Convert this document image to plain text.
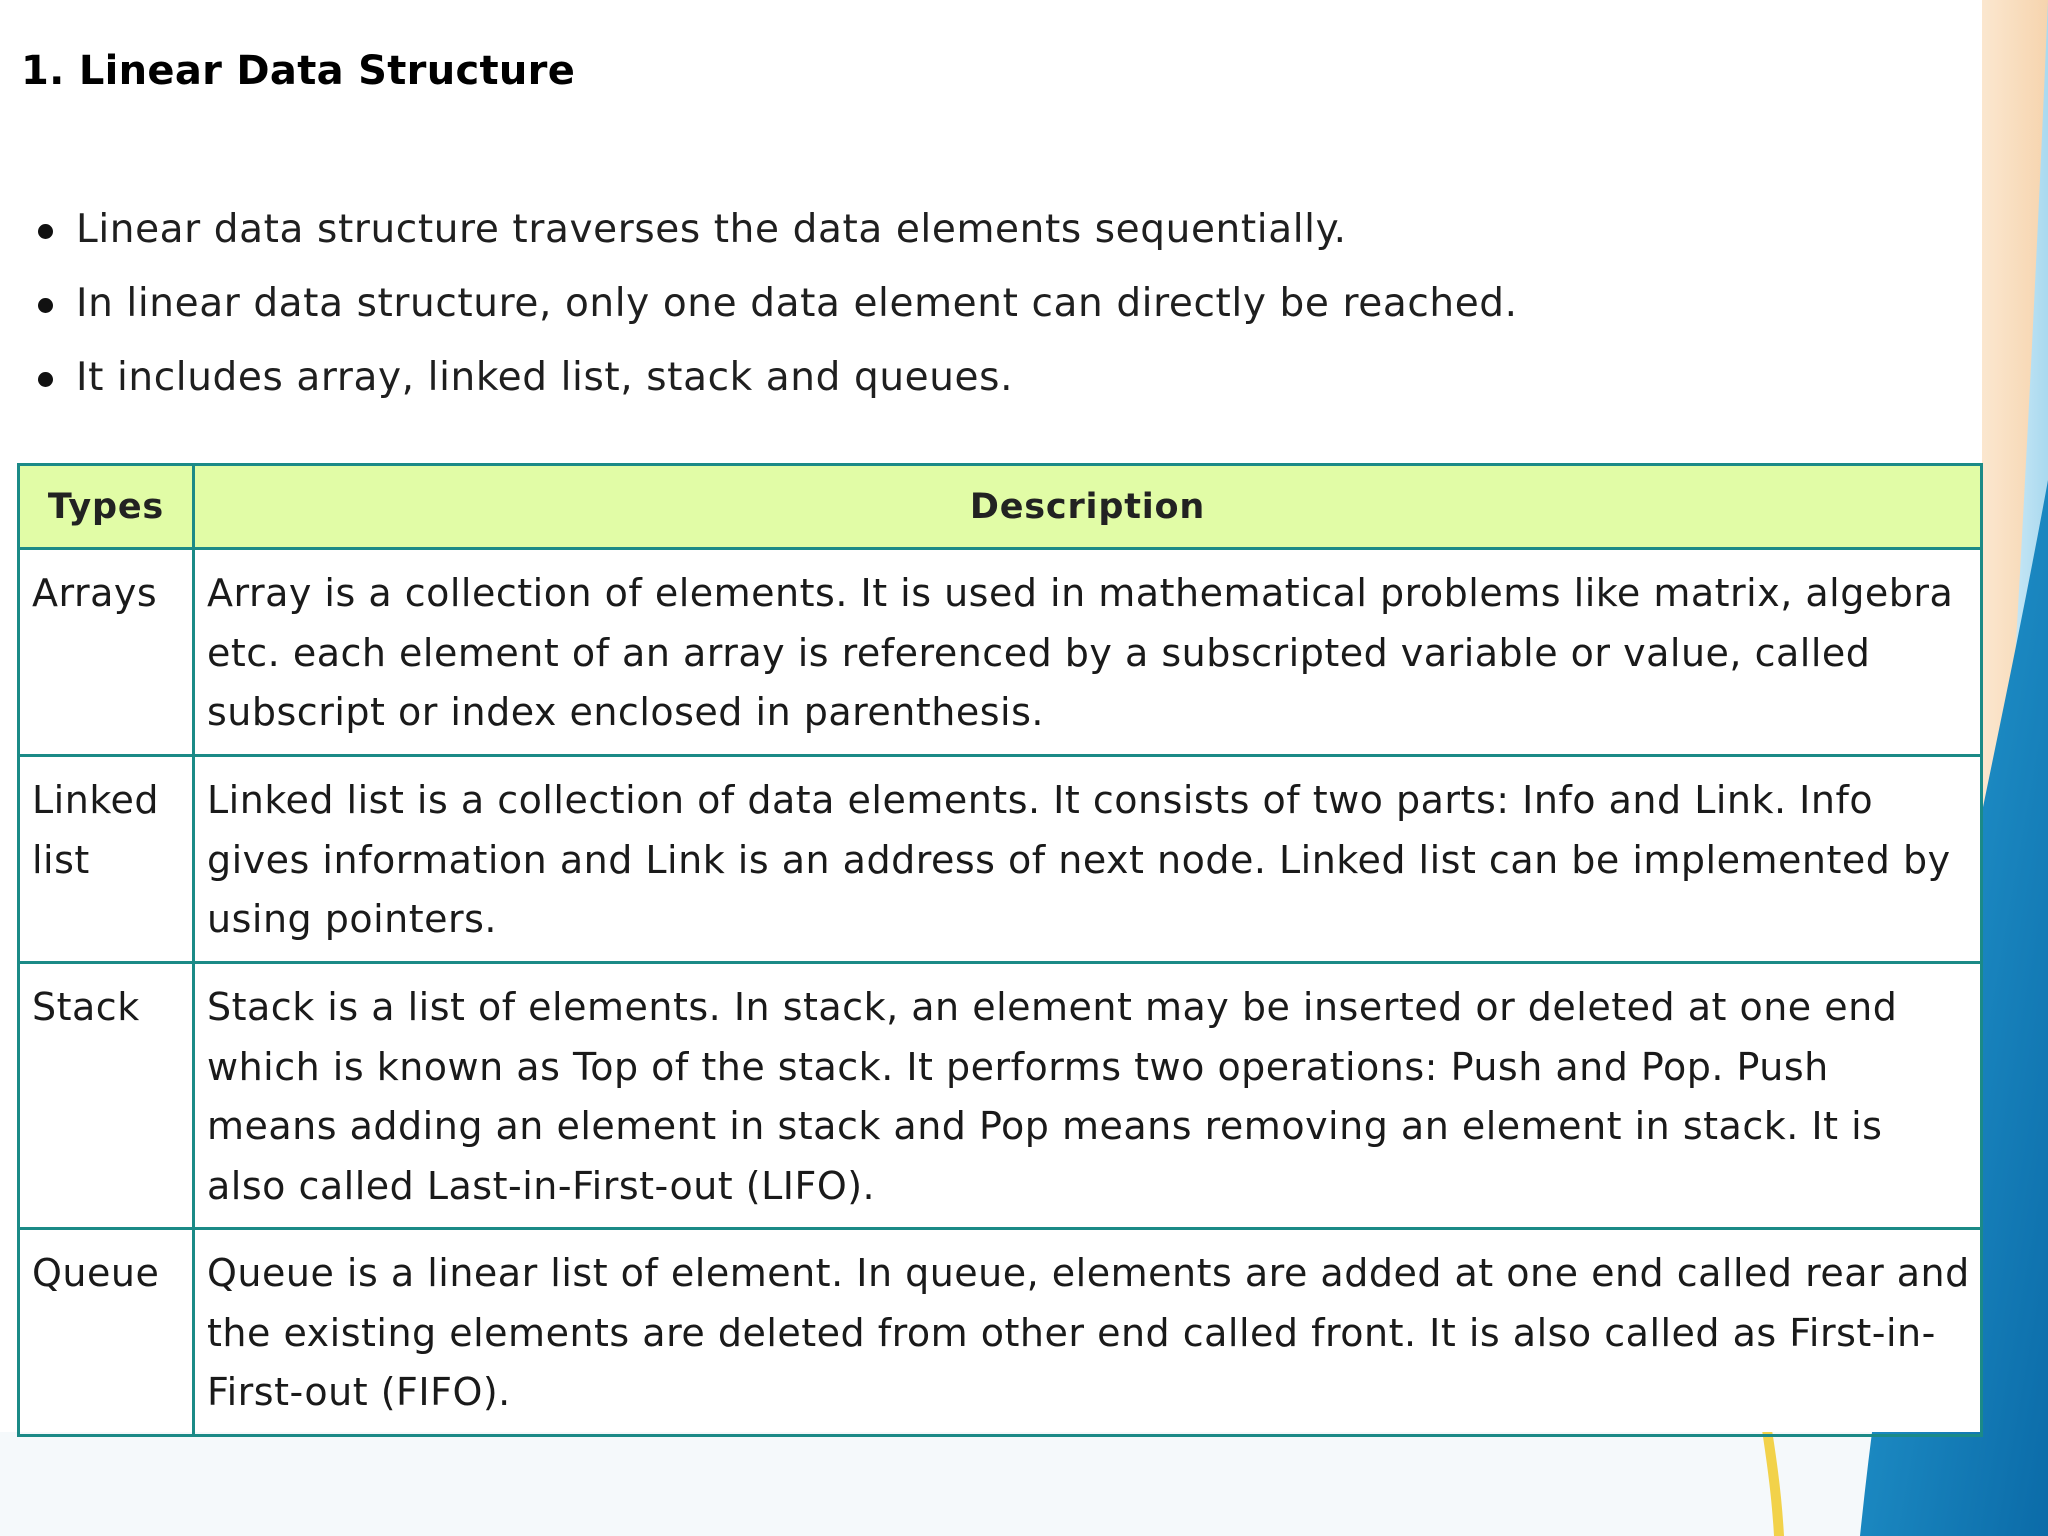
1. Linear Data Structure
Linear data structure traverses the data elements sequentially.
In linear data structure, only one data element can directly be reached.
It includes array, linked list, stack and queues.
Types	Description
Arrays	Array is a collection of elements. It is used in mathematical problems like matrix, algebra etc. each element of an array is referenced by a subscripted variable or value, called subscript or index enclosed in parenthesis.
Linked list	Linked list is a collection of data elements. It consists of two parts: Info and Link. Info gives information and Link is an address of next node. Linked list can be implemented by using pointers.
Stack	Stack is a list of elements. In stack, an element may be inserted or deleted at one end which is known as Top of the stack. It performs two operations: Push and Pop. Push means adding an element in stack and Pop means removing an element in stack. It is also called Last-in-First-out (LIFO).
Queue	Queue is a linear list of element. In queue, elements are added at one end called rear and the existing elements are deleted from other end called front. It is also called as First-in-First-out (FIFO).
